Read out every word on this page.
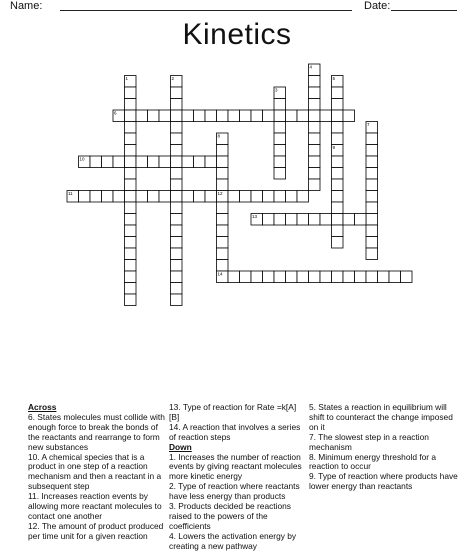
Name:	Date:
Kinetics
1	2
3
4
5
6
7
8
9
10
11	12
13
14
Across
6. States molecules must collide with enough force to break the bonds of the reactants and rearrange to form new substances
10. A chemical species that is a product in one step of a reaction mechanism and then a reactant in a subsequent step
11. Increases reaction events by allowing more reactant molecules to contact one another
12. The amount of product produced per time unit for a given reaction
13. Type of reaction for Rate =k[A][B]
14. A reaction that involves a series of reaction steps
Down
1. Increases the number of reaction events by giving reactant molecules more kinetic energy
2. Type of reaction where reactants have less energy than products
3. Products decided be reactions raised to the powers of the coefficients
4. Lowers the activation energy by creating a new pathway
5. States a reaction in equilibrium will shift to counteract the change imposed on it
7. The slowest step in a reaction mechanism
8. Minimum energy threshold for a reaction to occur
9. Type of reaction where products have lower energy than reactants
